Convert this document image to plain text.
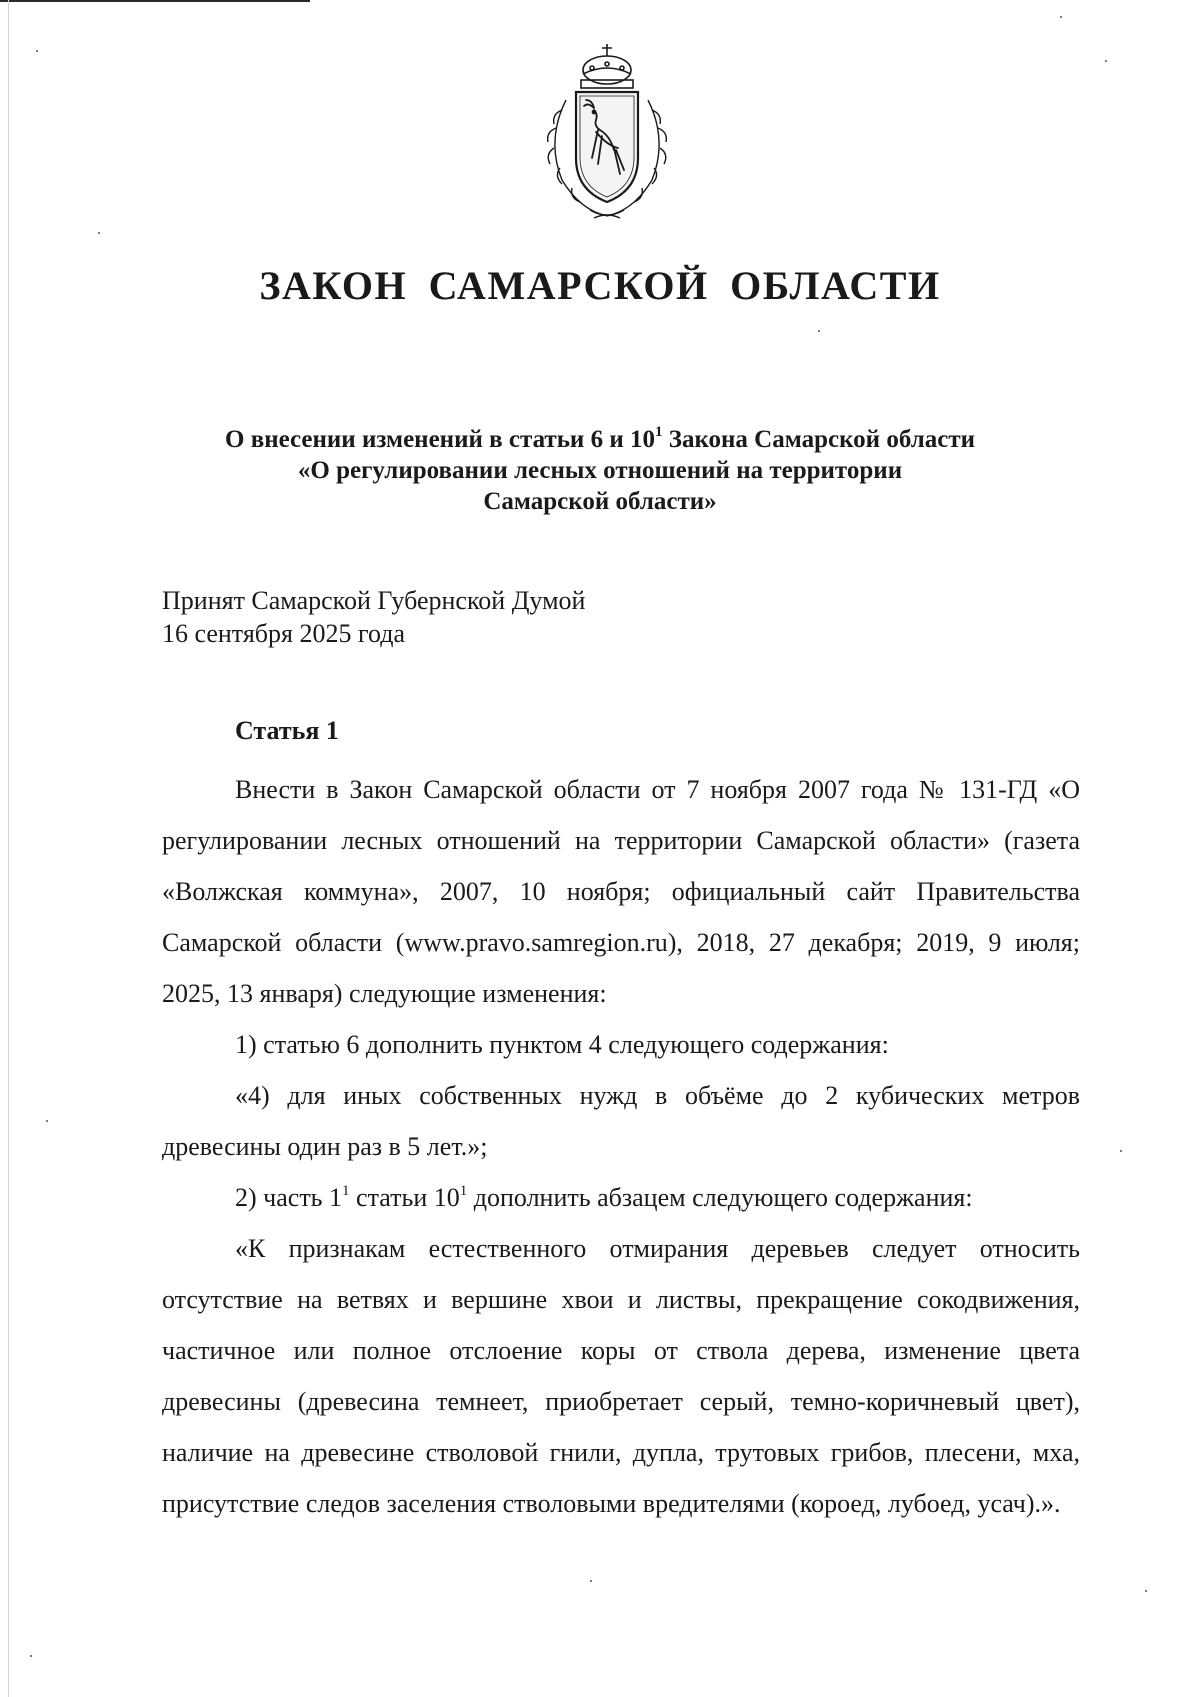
ЗАКОН САМАРСКОЙ ОБЛАСТИ
О внесении изменений в статьи 6 и $10^1$ Закона Самарской области
«О регулировании лесных отношений на территории
Самарской области»
Принят Самарской Губернской Думой
16 сентября 2025 года
Статья 1

Внести в Закон Самарской области от 7 ноября 2007 года № 131-ГД «О регулировании лесных отношений на территории Самарской области» (газета «Волжская коммуна», 2007, 10 ноября; официальный сайт Правительства Самарской области (www.pravo.samregion.ru), 2018, 27 декабря; 2019, 9 июля; 2025, 13 января) следующие изменения:

1) статью 6 дополнить пунктом 4 следующего содержания:

«4) для иных собственных нужд в объёме до 2 кубических метров древесины один раз в 5 лет.»;

2) часть $1^1$ статьи $10^1$ дополнить абзацем следующего содержания:

«К признакам естественного отмирания деревьев следует относить отсутствие на ветвях и вершине хвои и листвы, прекращение сокодвижения, частичное или полное отслоение коры от ствола дерева, изменение цвета древесины (древесина темнеет, приобретает серый, темно-коричневый цвет), наличие на древесине стволовой гнили, дупла, трутовых грибов, плесени, мха, присутствие следов заселения стволовыми вредителями (короед, лубоед, усач).».
